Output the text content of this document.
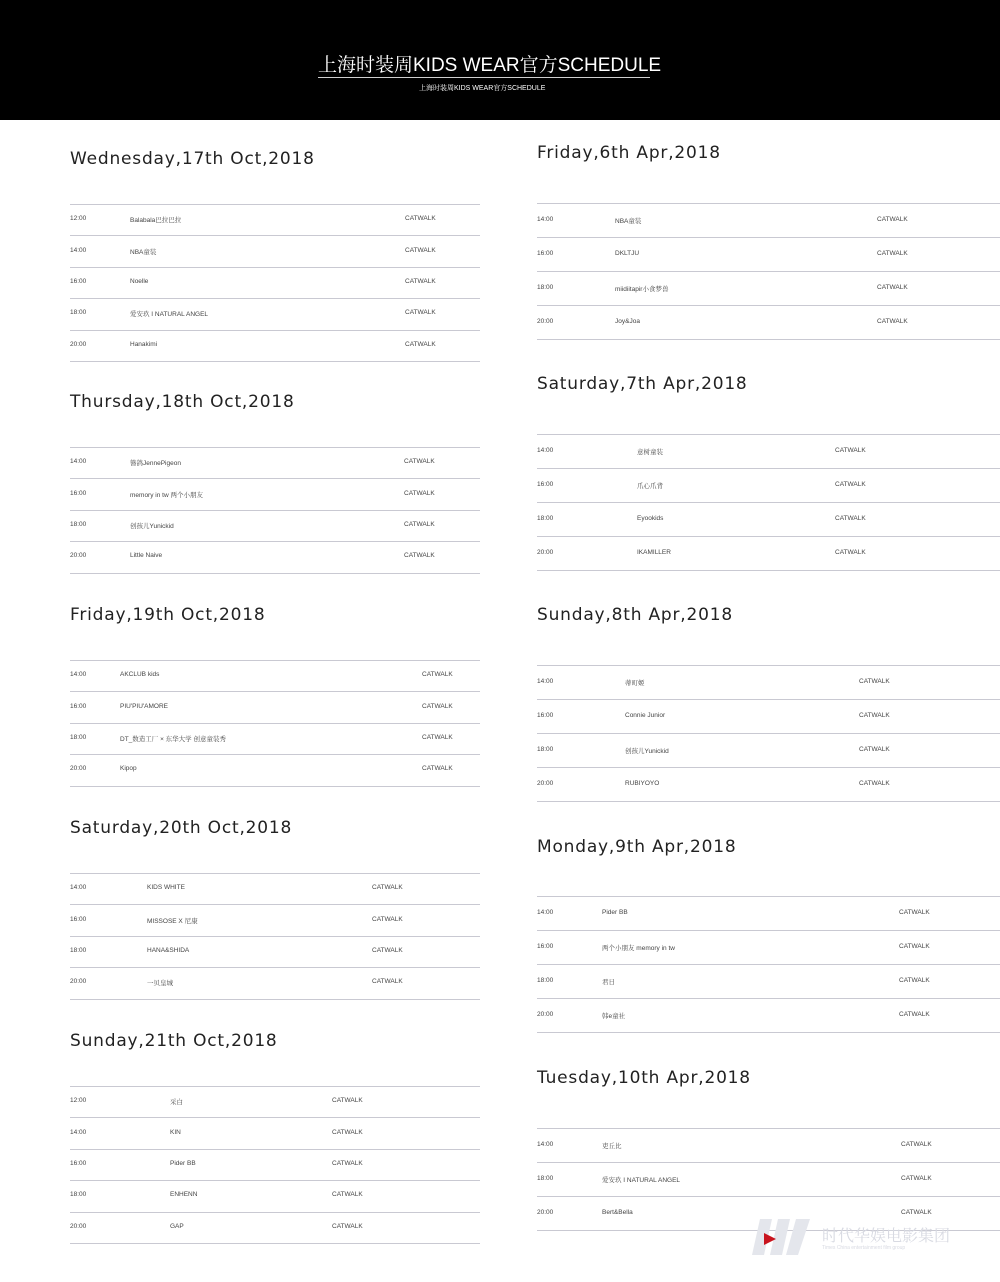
上海时装周KIDS WEAR官方SCHEDULE
上海时装周KIDS WEAR官方SCHEDULE
Wednesday,17th Oct,2018
12:00	Balabala巴拉巴拉	CATWALK
14:00	NBA童装	CATWALK
16:00	Noelle	CATWALK
18:00	爱安玖 I NATURAL ANGEL	CATWALK
20:00	Hanakimi	CATWALK
Thursday,18th Oct,2018
14:00	簪鸽JennePigeon	CATWALK
16:00	memory in tw 两个小朋友	CATWALK
18:00	创孩儿Yunickid	CATWALK
20:00	Little Naive	CATWALK
Friday,19th Oct,2018
14:00	AKCLUB kids	CATWALK
16:00	PIU'PIU'AMORE	CATWALK
18:00	DT_数造工厂 × 东华大学 创意童装秀	CATWALK
20:00	Kipop	CATWALK
Saturday,20th Oct,2018
14:00	KIDS WHITE	CATWALK
16:00	MISSOSE X 尼康	CATWALK
18:00	HANA&SHIDA	CATWALK
20:00	一贝皇城	CATWALK
Sunday,21th Oct,2018
12:00	采白	CATWALK
14:00	KIN	CATWALK
16:00	Pider BB	CATWALK
18:00	ENHENN	CATWALK
20:00	GAP	CATWALK
Friday,6th Apr,2018
14:00	NBA童装	CATWALK
16:00	DKLTJU	CATWALK
18:00	miidiitapir小食梦兽	CATWALK
20:00	Joy&Joa	CATWALK
Saturday,7th Apr,2018
14:00	意树童装	CATWALK
16:00	爪心爪背	CATWALK
18:00	Eyookids	CATWALK
20:00	IKAMILLER	CATWALK
Sunday,8th Apr,2018
14:00	蒂町姬	CATWALK
16:00	Connie Junior	CATWALK
18:00	创孩儿Yunickid	CATWALK
20:00	RUBIYOYO	CATWALK
Monday,9th Apr,2018
14:00	Pider BB	CATWALK
16:00	两个小朋友 memory in tw	CATWALK
18:00	君日	CATWALK
20:00	韩e童社	CATWALK
Tuesday,10th Apr,2018
14:00	吏丘比	CATWALK
18:00	爱安玖 I NATURAL ANGEL	CATWALK
20:00	Bert&Bella	CATWALK
时代华娱电影集团
Times China entertainment film group
